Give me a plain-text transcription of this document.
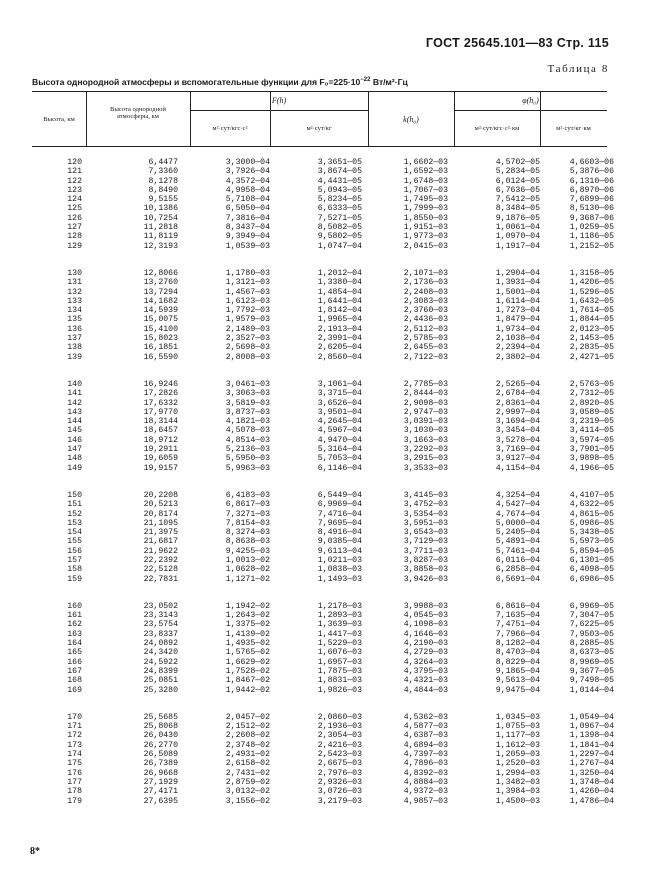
ГОСТ 25645.101—83 Стр. 115
Таблица 8
Высота однородной атмосферы и вспомогательные функции для $F_0=225\cdot 10^{-22}$ Вт/м²·Гц
Высота, км
Высота однородной атмосферы, км
F(h)
м²·сут/кгс·с²	м²·сут/кг
k(h₀)
φ(h₀)
м²·сут/кгс·с²·км	м²·сут/кг·км
120	6,4477	3,3000—04	3,3651—05	1,6602—03	4,5702—05	4,6603—06
121	7,3360	3,7926—04	3,8674—05	1,6592—03	5,2834—05	5,3876—06
122	8,1278	4,3572—04	4,4431—05	1,6748—03	6,0124—05	6,1310—06
123	8,8490	4,9958—04	5,0943—05	1,7067—03	6,7636—05	6,8970—06
124	9,5155	5,7108—04	5,8234—05	1,7495—03	7,5412—05	7,6899—06
125	10,1386	6,5050—04	6,6333—05	1,7999—03	8,3484—05	8,5130—06
126	10,7254	7,3816—04	7,5271—05	1,8550—03	9,1876—05	9,3687—06
127	11,2818	8,3437—04	8,5082—05	1,9151—03	1,0061—04	1,0259—05
128	11,8119	9,3949—04	9,5802—05	1,9773—03	1,0970—04	1,1186—05
129	12,3193	1,0539—03	1,0747—04	2,0415—03	1,1917—04	1,2152—05
130	12,8066	1,1780—03	1,2012—04	2,1071—03	1,2904—04	1,3158—05
131	13,2760	1,3121—03	1,3380—04	2,1736—03	1,3931—04	1,4206—05
132	13,7294	1,4567—03	1,4854—04	2,2408—03	1,5001—04	1,5296—05
133	14,1682	1,6123—03	1,6441—04	2,3083—03	1,6114—04	1,6432—05
134	14,5939	1,7792—03	1,8142—04	2,3760—03	1,7273—04	1,7614—05
135	15,0075	1,9579—03	1,9965—04	2,4436—03	1,8479—04	1,8844—05
136	15,4100	2,1489—03	2,1913—04	2,5112—03	1,9734—04	2,0123—05
137	15,8023	2,3527—03	2,3991—04	2,5785—03	2,1038—04	2,1453—05
138	16,1851	2,5698—03	2,6205—04	2,6455—03	2,2394—04	2,2835—05
139	16,5590	2,8008—03	2,8560—04	2,7122—03	2,3802—04	2,4271—05
140	16,9246	3,0461—03	3,1061—04	2,7785—03	2,5265—04	2,5763—05
141	17,2826	3,3063—03	3,3715—04	2,8444—03	2,6784—04	2,7312—05
142	17,6332	3,5819—03	3,6526—04	2,9098—03	2,8361—04	2,8920—05
143	17,9770	3,8737—03	3,9501—04	2,9747—03	2,9997—04	3,0589—05
144	18,3144	4,1821—03	4,2645—04	3,0391—03	3,1694—04	3,2319—05
145	18,6457	4,5078—03	4,5967—04	3,1030—03	3,3454—04	3,4114—05
146	18,9712	4,8514—03	4,9470—04	3,1663—03	3,5278—04	3,5974—05
147	19,2911	5,2136—03	5,3164—04	3,2292—03	3,7169—04	3,7901—05
148	19,6059	5,5950—03	5,7053—04	3,2915—03	3,9127—04	3,9898—05
149	19,9157	5,9963—03	6,1146—04	3,3533—03	4,1154—04	4,1966—05
150	20,2208	6,4183—03	6,5449—04	3,4145—03	4,3254—04	4,4107—05
151	20,5213	6,8617—03	6,9969—04	3,4752—03	4,5427—04	4,6322—05
152	20,8174	7,3271—03	7,4716—04	3,5354—03	4,7674—04	4,8615—05
153	21,1095	7,8154—03	7,9695—04	3,5951—03	5,0000—04	5,0986—05
154	21,3975	8,3274—03	8,4916—04	3,6543—03	5,2405—04	5,3438—05
155	21,6817	8,8638—03	9,0385—04	3,7129—03	5,4891—04	5,5973—05
156	21,9622	9,4255—03	9,6113—04	3,7711—03	5,7461—04	5,8594—05
157	22,2392	1,0013—02	1,0211—03	3,8287—03	6,0116—04	6,1301—05
158	22,5128	1,0628—02	1,0838—03	3,8858—03	6,2858—04	6,4098—05
159	22,7831	1,1271—02	1,1493—03	3,9426—03	6,5691—04	6,6986—05
160	23,0502	1,1942—02	1,2178—03	3,9988—03	6,8616—04	6,9969—05
161	23,3143	1,2643—02	1,2893—03	4,0545—03	7,1635—04	7,3047—05
162	23,5754	1,3375—02	1,3639—03	4,1098—03	7,4751—04	7,6225—05
163	23,8337	1,4139—02	1,4417—03	4,1646—03	7,7966—04	7,9503—05
164	24,0892	1,4935—02	1,5229—03	4,2190—03	8,1282—04	8,2885—05
165	24,3420	1,5765—02	1,6076—03	4,2729—03	8,4703—04	8,6373—05
166	24,5922	1,6629—02	1,6957—03	4,3264—03	8,8229—04	8,9969—05
167	24,8399	1,7528—02	1,7875—03	4,3795—03	9,1865—04	9,3677—05
168	25,0851	1,8467—02	1,8831—03	4,4321—03	9,5613—04	9,7498—05
169	25,3280	1,9442—02	1,9826—03	4,4844—03	9,9475—04	1,0144—04
170	25,5685	2,0457—02	2,0860—03	4,5362—03	1,0345—03	1,0549—04
171	25,8068	2,1512—02	2,1936—03	4,5877—03	1,0755—03	1,0967—04
172	26,0430	2,2608—02	2,3054—03	4,6387—03	1,1177—03	1,1398—04
173	26,2770	2,3748—02	2,4216—03	4,6894—03	1,1612—03	1,1841—04
174	26,5089	2,4931—02	2,5423—03	4,7397—03	1,2059—03	1,2297—04
175	26,7389	2,6158—02	2,6675—03	4,7896—03	1,2520—03	1,2767—04
176	26,9668	2,7431—02	2,7976—03	4,8392—03	1,2994—03	1,3250—04
177	27,1929	2,8759—02	2,9326—03	4,8884—03	1,3482—03	1,3748—04
178	27,4171	3,0132—02	3,0726—03	4,9372—03	1,3984—03	1,4260—04
179	27,6395	3,1556—02	3,2179—03	4,9857—03	1,4500—03	1,4786—04
8*
